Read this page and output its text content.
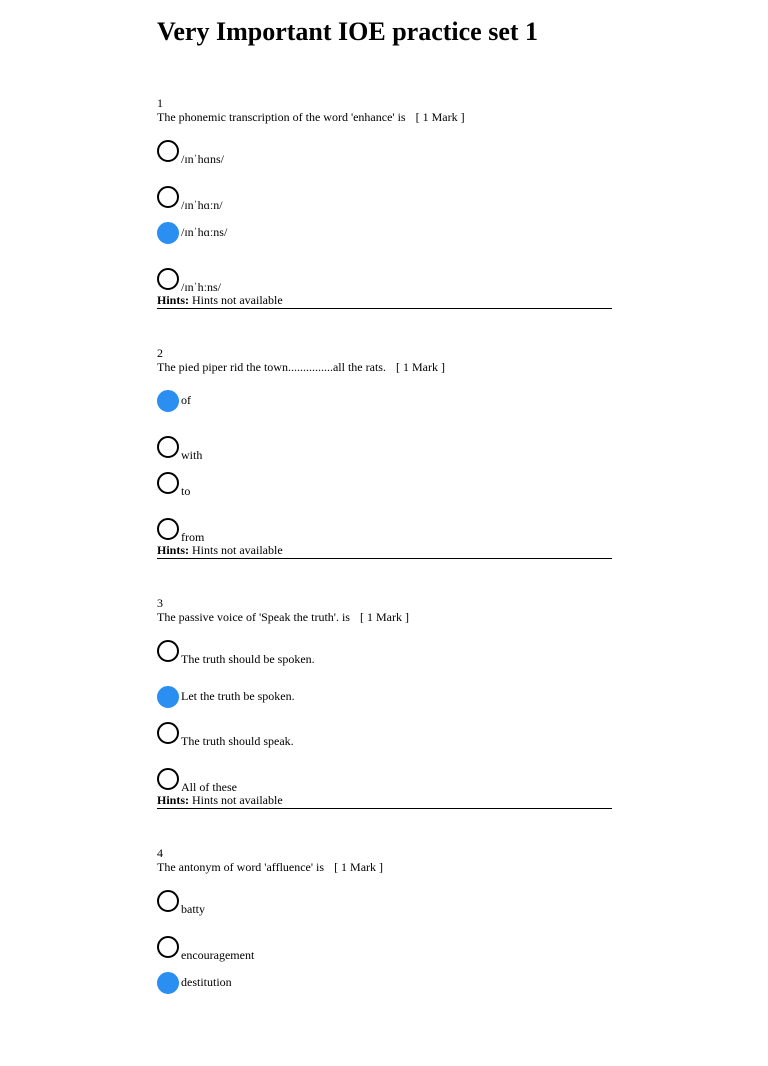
Very Important IOE practice set 1
1
The phonemic transcription of the word 'enhance' is [ 1 Mark ]
/ɪnˈhɑns/
/ɪnˈhɑːn/
/ɪnˈhɑːns/
/ɪnˈhːns/
Hints: Hints not available
2
The pied piper rid the town...............all the rats. [ 1 Mark ]
of
with
to
from
Hints: Hints not available
3
The passive voice of 'Speak the truth'. is [ 1 Mark ]
The truth should be spoken.
Let the truth be spoken.
The truth should speak.
All of these
Hints: Hints not available
4
The antonym of word 'affluence' is [ 1 Mark ]
batty
encouragement
destitution
